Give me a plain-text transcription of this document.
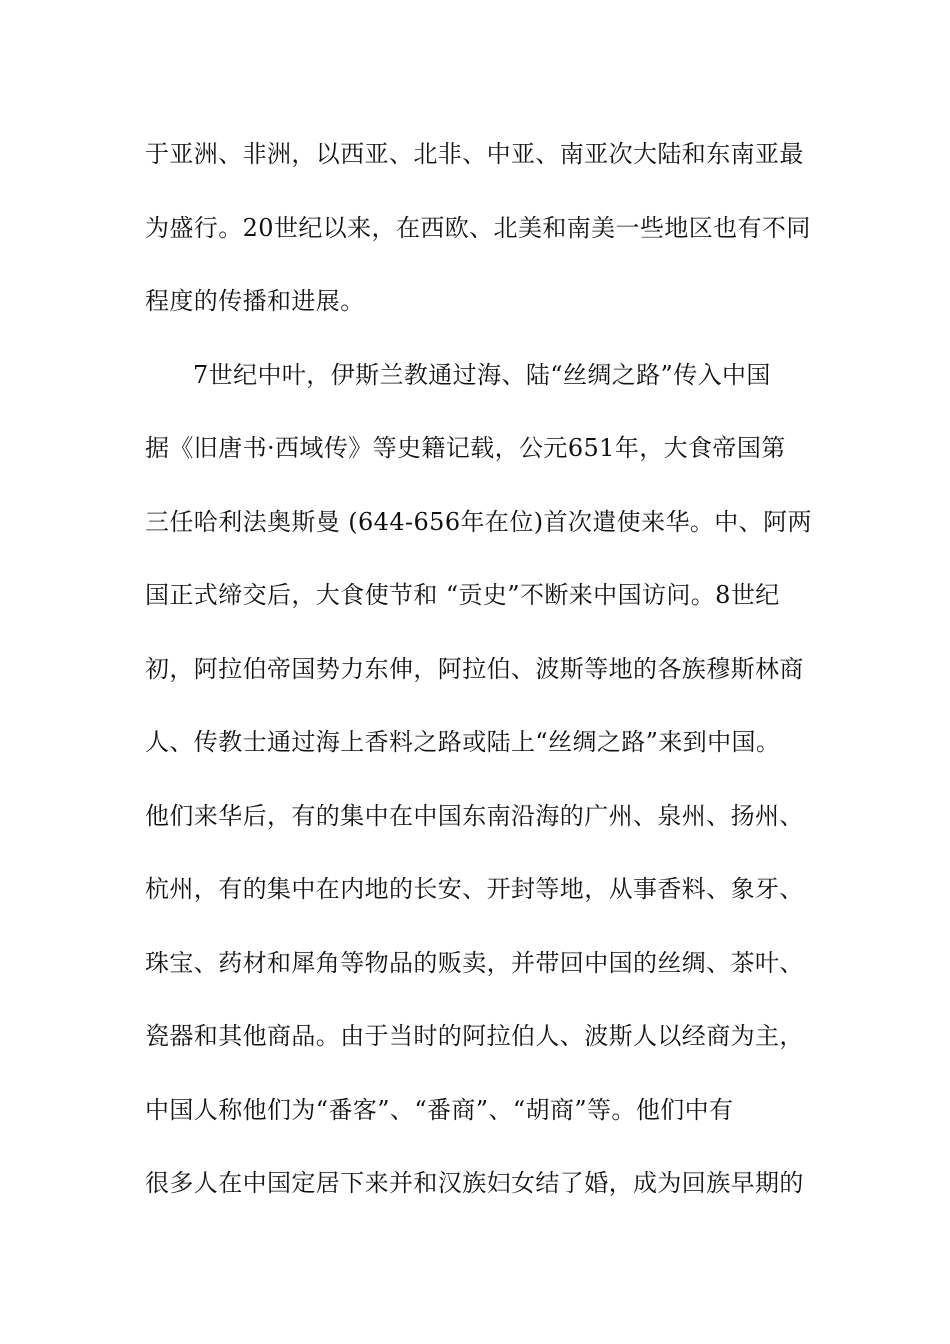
于亚洲、非洲，以西亚、北非、中亚、南亚次大陆和东南亚最
为盛行。20世纪以来，在西欧、北美和南美一些地区也有不同
程度的传播和进展。
7世纪中叶，伊斯兰教通过海、陆“丝绸之路”传入中国
据《旧唐书·西域传》等史籍记载，公元651年，大食帝国第
三任哈利法奥斯曼 (644-656年在位)首次遣使来华。中、阿两
国正式缔交后，大食使节和 “贡史”不断来中国访问。8世纪
初，阿拉伯帝国势力东伸，阿拉伯、波斯等地的各族穆斯林商
人、传教士通过海上香料之路或陆上“丝绸之路”来到中国。
他们来华后，有的集中在中国东南沿海的广州、泉州、扬州、
杭州，有的集中在内地的长安、开封等地，从事香料、象牙、
珠宝、药材和犀角等物品的贩卖，并带回中国的丝绸、茶叶、
瓷器和其他商品。由于当时的阿拉伯人、波斯人以经商为主，
中国人称他们为“番客”、“番商”、“胡商”等。他们中有
很多人在中国定居下来并和汉族妇女结了婚，成为回族早期的
